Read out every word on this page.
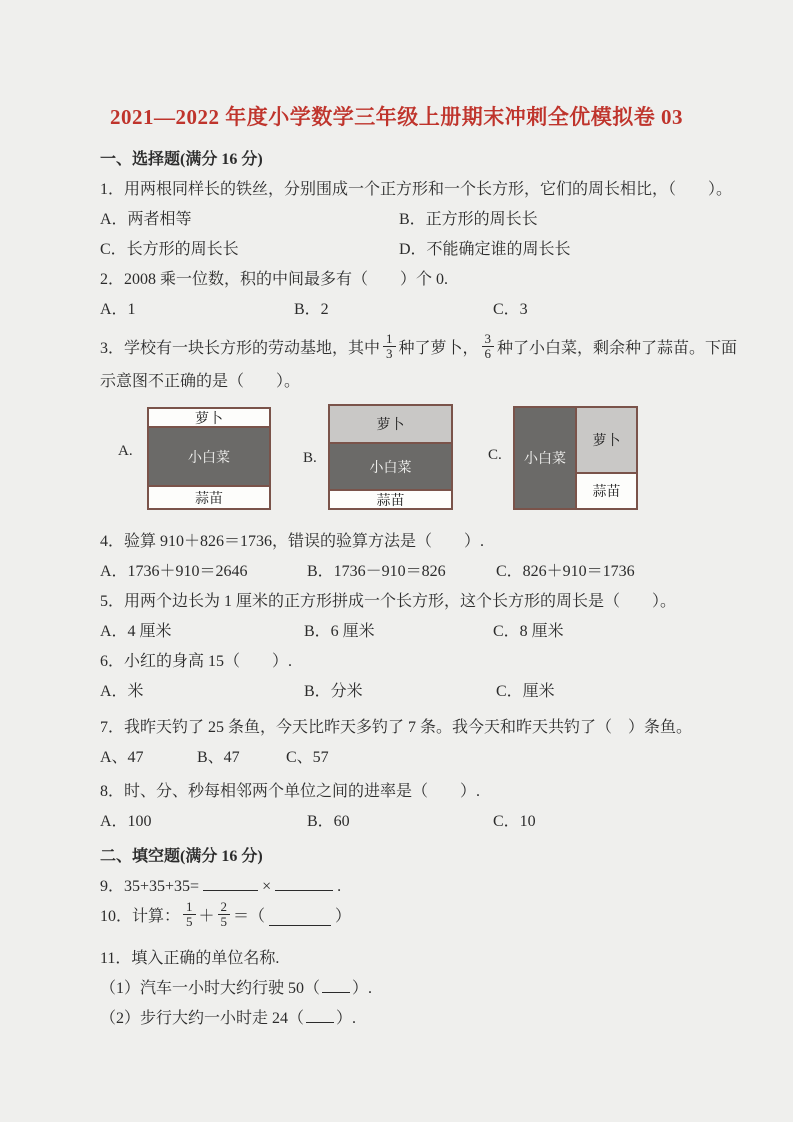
2021—2022 年度小学数学三年级上册期末冲刺全优模拟卷 03
一、选择题(满分 16 分)
1．用两根同样长的铁丝，分别围成一个正方形和一个长方形，它们的周长相比，（　　）。
A．两者相等	B．正方形的周长长
C．长方形的周长长	D．不能确定谁的周长长
2．2008 乘一位数，积的中间最多有（　　）个 0.
A．1	B．2	C．3
3．学校有一块长方形的劳动基地，其中 $\frac{1}{3}$ 种了萝卜， $\frac{3}{6}$ 种了小白菜，剩余种了蒜苗。下面
示意图不正确的是（　　）。
A.
萝卜
小白菜
蒜苗
B.
萝卜
小白菜
蒜苗
C.	小白菜
萝卜
蒜苗
4．验算 910＋826＝1736，错误的验算方法是（　　）.
A．1736＋910＝2646	B．1736－910＝826	C．826＋910＝1736
5．用两个边长为 1 厘米的正方形拼成一个长方形，这个长方形的周长是（　　）。
A．4 厘米	B．6 厘米	C．8 厘米
6．小红的身高 15（　　）.
A．米	B．分米	C．厘米
7．我昨天钓了 25 条鱼，今天比昨天多钓了 7 条。我今天和昨天共钓了（　）条鱼。
A、47	B、47	C、57
8．时、分、秒每相邻两个单位之间的进率是（　　）.
A．100	B．60	C．10
二、填空题(满分 16 分)
9．35+35+35=	×	.
10．计算： $\frac{1}{5} + \frac{2}{5}$ ＝（	）
11．填入正确的单位名称.
（1）汽车一小时大约行驶 50（ ）.
（2）步行大约一小时走 24（ ）.
